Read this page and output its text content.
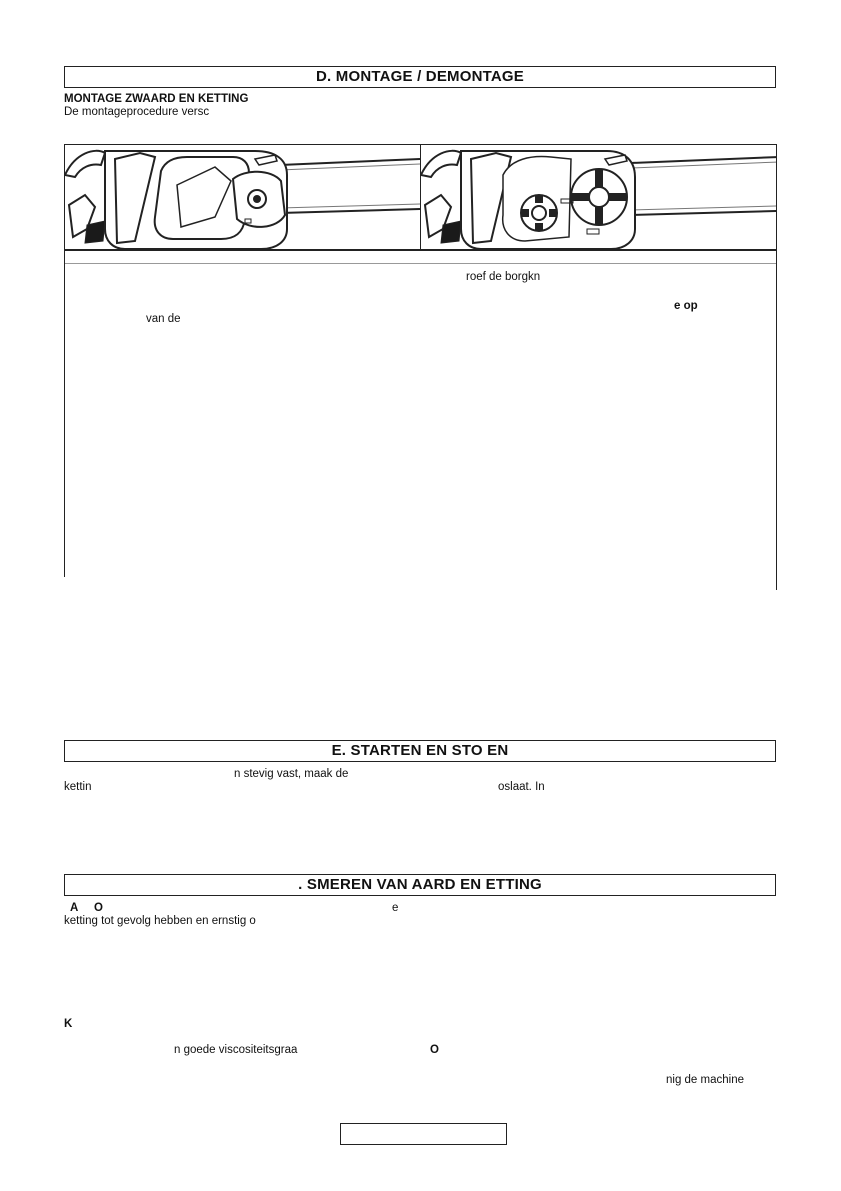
D. MONTAGE / DEMONTAGE
MONTAGE ZWAARD EN KETTING
De montageprocedure versc
roef de borgkn
e op
van de
E. STARTEN EN STO EN
n stevig vast, maak de
kettin	oslaat. In
. SMEREN VAN AARD EN ETTING
A O	e
ketting tot gevolg hebben en ernstig o
K
n goede viscositeitsgraa	O
nig de machine
